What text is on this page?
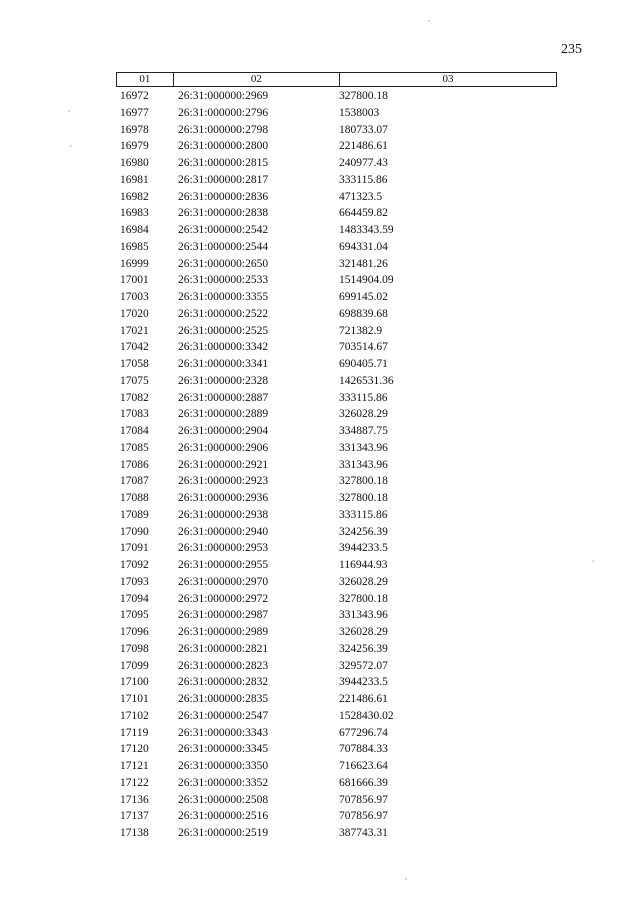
235
01	02	03
16972	26:31:000000:2969	327800.18
16977	26:31:000000:2796	1538003
16978	26:31:000000:2798	180733.07
16979	26:31:000000:2800	221486.61
16980	26:31:000000:2815	240977.43
16981	26:31:000000:2817	333115.86
16982	26:31:000000:2836	471323.5
16983	26:31:000000:2838	664459.82
16984	26:31:000000:2542	1483343.59
16985	26:31:000000:2544	694331.04
16999	26:31:000000:2650	321481.26
17001	26:31:000000:2533	1514904.09
17003	26:31:000000:3355	699145.02
17020	26:31:000000:2522	698839.68
17021	26:31:000000:2525	721382.9
17042	26:31:000000:3342	703514.67
17058	26:31:000000:3341	690405.71
17075	26:31:000000:2328	1426531.36
17082	26:31:000000:2887	333115.86
17083	26:31:000000:2889	326028.29
17084	26:31:000000:2904	334887.75
17085	26:31:000000:2906	331343.96
17086	26:31:000000:2921	331343.96
17087	26:31:000000:2923	327800.18
17088	26:31:000000:2936	327800.18
17089	26:31:000000:2938	333115.86
17090	26:31:000000:2940	324256.39
17091	26:31:000000:2953	3944233.5
17092	26:31:000000:2955	116944.93
17093	26:31:000000:2970	326028.29
17094	26:31:000000:2972	327800.18
17095	26:31:000000:2987	331343.96
17096	26:31:000000:2989	326028.29
17098	26:31:000000:2821	324256.39
17099	26:31:000000:2823	329572.07
17100	26:31:000000:2832	3944233.5
17101	26:31:000000:2835	221486.61
17102	26:31:000000:2547	1528430.02
17119	26:31:000000:3343	677296.74
17120	26:31:000000:3345	707884.33
17121	26:31:000000:3350	716623.64
17122	26:31:000000:3352	681666.39
17136	26:31:000000:2508	707856.97
17137	26:31:000000:2516	707856.97
17138	26:31:000000:2519	387743.31
